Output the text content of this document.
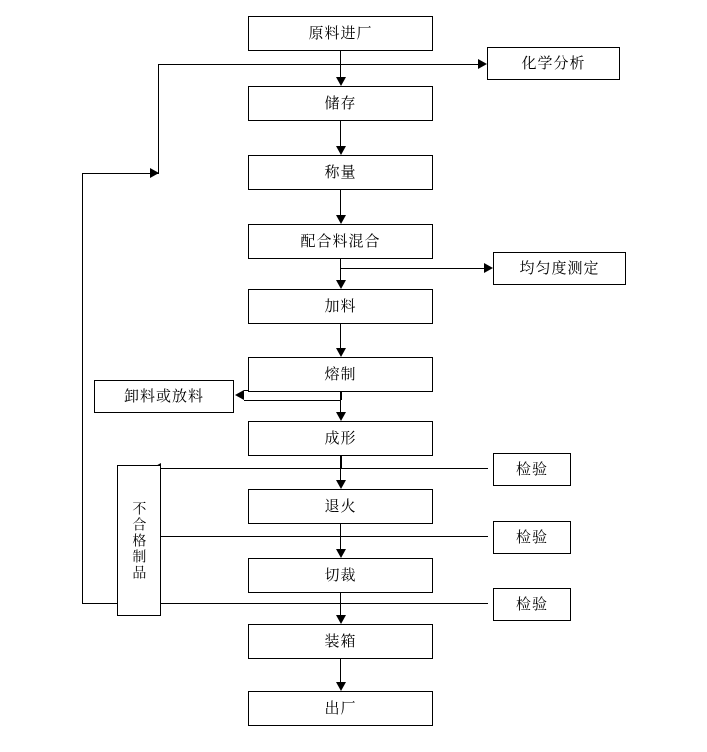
原料进厂
储存
称量
配合料混合
加料
熔制
成形
退火
切裁
装箱
出厂
化学分析
均匀度测定
检验
检验
检验
卸料或放料
不合格制品
